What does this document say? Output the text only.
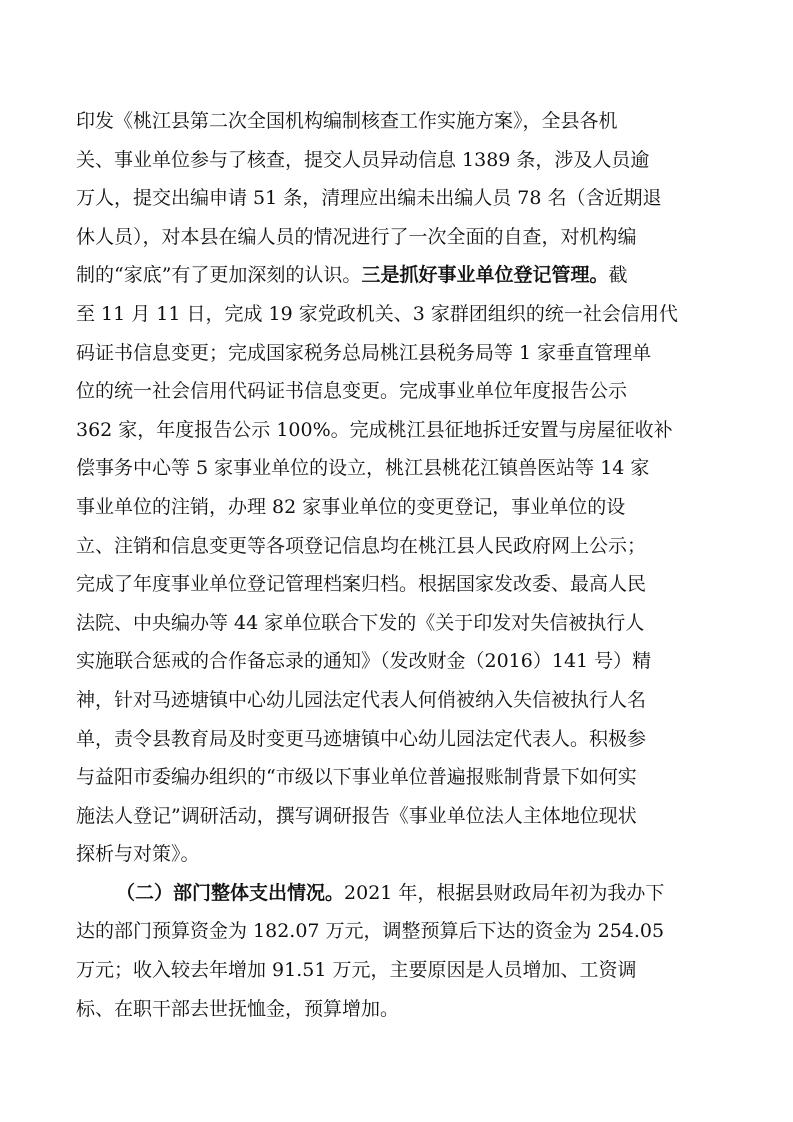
印发《桃江县第二次全国机构编制核查工作实施方案》，全县各机
关、事业单位参与了核查，提交人员异动信息 1389 条，涉及人员逾
万人，提交出编申请 51 条，清理应出编未出编人员 78 名（含近期退
休人员），对本县在编人员的情况进行了一次全面的自查，对机构编
制的“家底”有了更加深刻的认识。三是抓好事业单位登记管理。截
至 11 月 11 日，完成 19 家党政机关、3 家群团组织的统一社会信用代
码证书信息变更；完成国家税务总局桃江县税务局等 1 家垂直管理单
位的统一社会信用代码证书信息变更。完成事业单位年度报告公示
362 家，年度报告公示 100%。完成桃江县征地拆迁安置与房屋征收补
偿事务中心等 5 家事业单位的设立，桃江县桃花江镇兽医站等 14 家
事业单位的注销，办理 82 家事业单位的变更登记，事业单位的设
立、注销和信息变更等各项登记信息均在桃江县人民政府网上公示；
完成了年度事业单位登记管理档案归档。根据国家发改委、最高人民
法院、中央编办等 44 家单位联合下发的《关于印发对失信被执行人
实施联合惩戒的合作备忘录的通知》（发改财金（2016）141 号）精
神，针对马迹塘镇中心幼儿园法定代表人何俏被纳入失信被执行人名
单，责令县教育局及时变更马迹塘镇中心幼儿园法定代表人。积极参
与益阳市委编办组织的“市级以下事业单位普遍报账制背景下如何实
施法人登记”调研活动，撰写调研报告《事业单位法人主体地位现状
探析与对策》。
（二）部门整体支出情况。2021 年，根据县财政局年初为我办下
达的部门预算资金为 182.07 万元，调整预算后下达的资金为 254.05
万元；收入较去年增加 91.51 万元，主要原因是人员增加、工资调
标、在职干部去世抚恤金，预算增加。
